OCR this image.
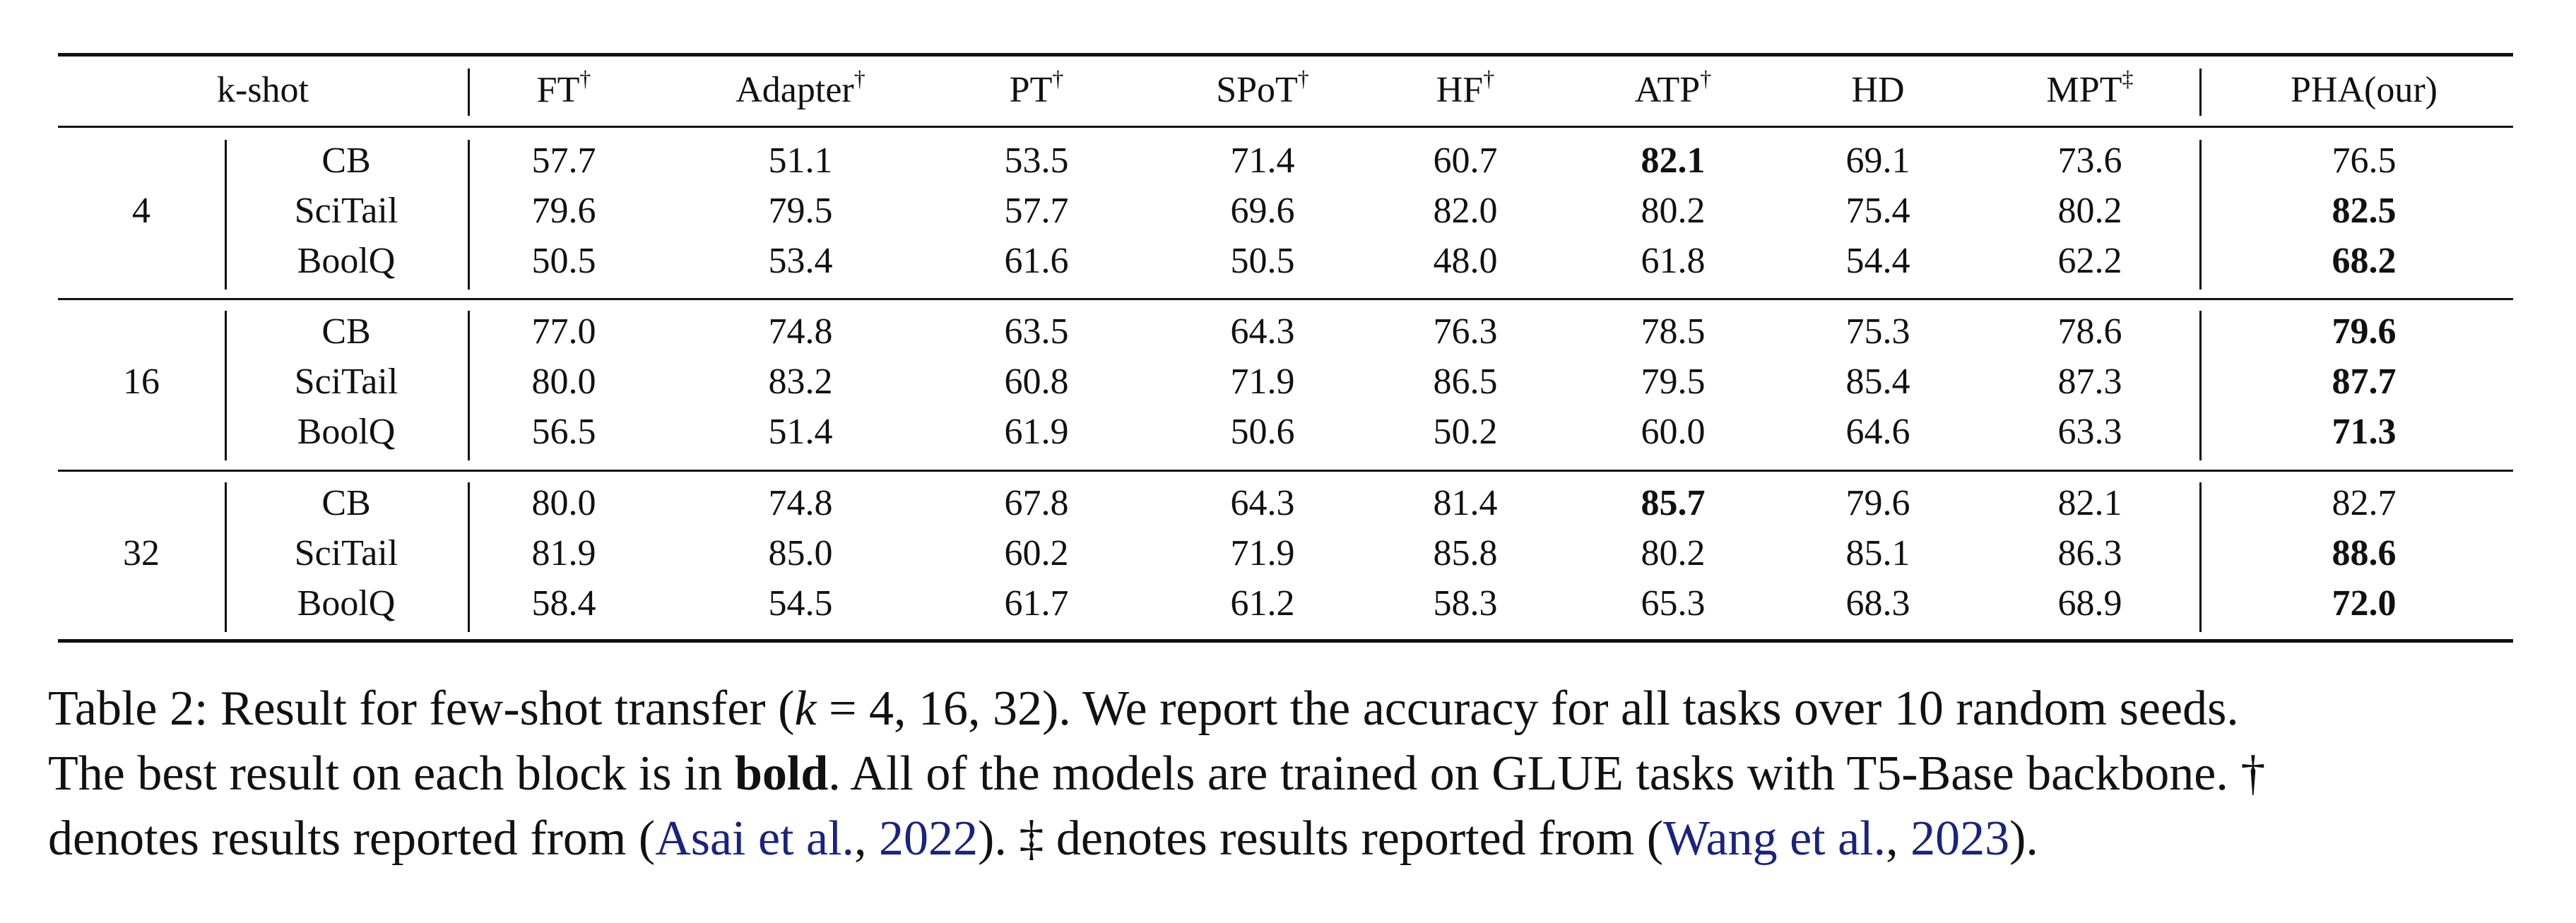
k-shot	FT†	Adapter†	PT†	SPoT†	HF†	ATP†	HD	MPT‡	PHA(our)
4
CB	57.7	51.1	53.5	71.4	60.7	82.1	69.1	73.6	76.5
SciTail	79.6	79.5	57.7	69.6	82.0	80.2	75.4	80.2	82.5
BoolQ	50.5	53.4	61.6	50.5	48.0	61.8	54.4	62.2	68.2
16
CB	77.0	74.8	63.5	64.3	76.3	78.5	75.3	78.6	79.6
SciTail	80.0	83.2	60.8	71.9	86.5	79.5	85.4	87.3	87.7
BoolQ	56.5	51.4	61.9	50.6	50.2	60.0	64.6	63.3	71.3
32
CB	80.0	74.8	67.8	64.3	81.4	85.7	79.6	82.1	82.7
SciTail	81.9	85.0	60.2	71.9	85.8	80.2	85.1	86.3	88.6
BoolQ	58.4	54.5	61.7	61.2	58.3	65.3	68.3	68.9	72.0
Table 2: Result for few-shot transfer (k = 4, 16, 32). We report the accuracy for all tasks over 10 random seeds.
The best result on each block is in bold. All of the models are trained on GLUE tasks with T5-Base backbone. †
denotes results reported from (Asai et al., 2022). ‡ denotes results reported from (Wang et al., 2023).
